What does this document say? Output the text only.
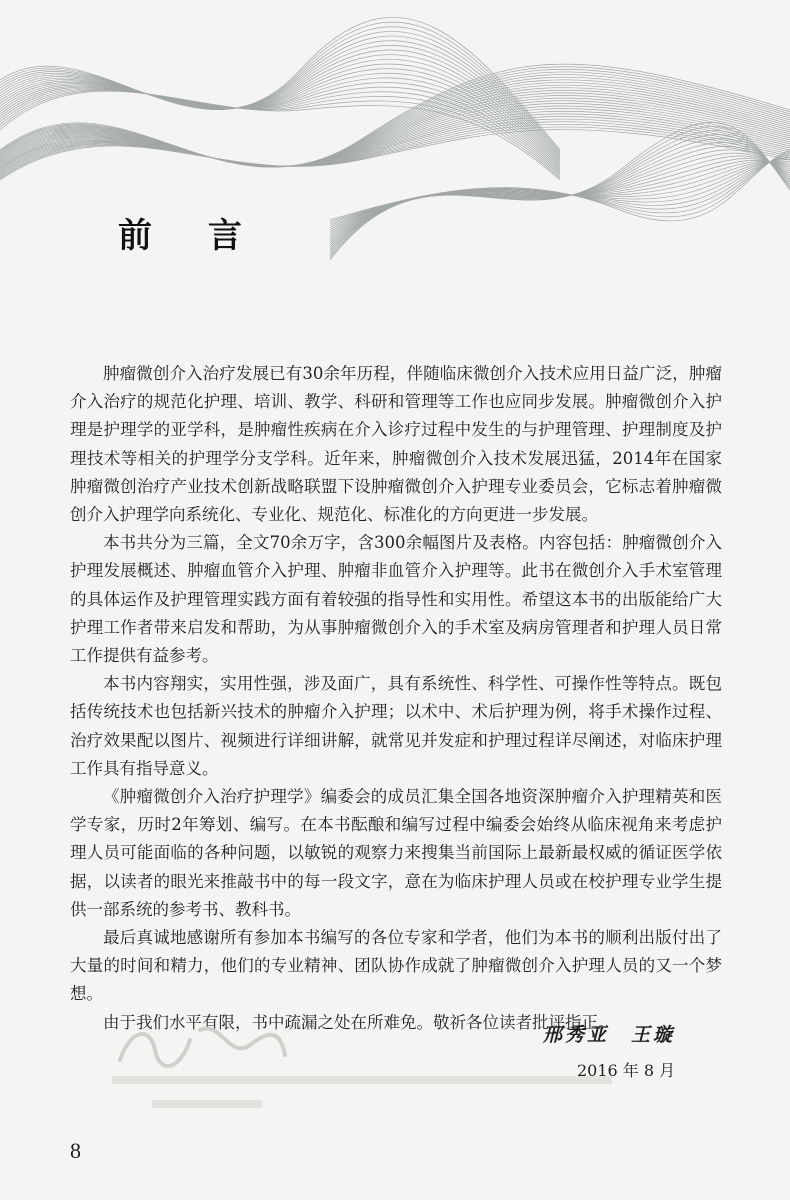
前 言

肿瘤微创介入治疗发展已有30余年历程，伴随临床微创介入技术应用日益广泛，肿瘤介入治疗的规范化护理、培训、教学、科研和管理等工作也应同步发展。肿瘤微创介入护理是护理学的亚学科，是肿瘤性疾病在介入诊疗过程中发生的与护理管理、护理制度及护理技术等相关的护理学分支学科。近年来，肿瘤微创介入技术发展迅猛，2014年在国家肿瘤微创治疗产业技术创新战略联盟下设肿瘤微创介入护理专业委员会，它标志着肿瘤微创介入护理学向系统化、专业化、规范化、标准化的方向更进一步发展。

本书共分为三篇，全文70余万字，含300余幅图片及表格。内容包括：肿瘤微创介入护理发展概述、肿瘤血管介入护理、肿瘤非血管介入护理等。此书在微创介入手术室管理的具体运作及护理管理实践方面有着较强的指导性和实用性。希望这本书的出版能给广大护理工作者带来启发和帮助，为从事肿瘤微创介入的手术室及病房管理者和护理人员日常工作提供有益参考。

本书内容翔实，实用性强，涉及面广，具有系统性、科学性、可操作性等特点。既包括传统技术也包括新兴技术的肿瘤介入护理；以术中、术后护理为例，将手术操作过程、治疗效果配以图片、视频进行详细讲解，就常见并发症和护理过程详尽阐述，对临床护理工作具有指导意义。

《肿瘤微创介入治疗护理学》编委会的成员汇集全国各地资深肿瘤介入护理精英和医学专家，历时2年筹划、编写。在本书酝酿和编写过程中编委会始终从临床视角来考虑护理人员可能面临的各种问题，以敏锐的观察力来搜集当前国际上最新最权威的循证医学依据，以读者的眼光来推敲书中的每一段文字，意在为临床护理人员或在校护理专业学生提供一部系统的参考书、教科书。

最后真诚地感谢所有参加本书编写的各位专家和学者，他们为本书的顺利出版付出了大量的时间和精力，他们的专业精神、团队协作成就了肿瘤微创介入护理人员的又一个梦想。

由于我们水平有限，书中疏漏之处在所难免。敬祈各位读者批评指正。

邢秀亚　王璇
2016 年 8 月
8
